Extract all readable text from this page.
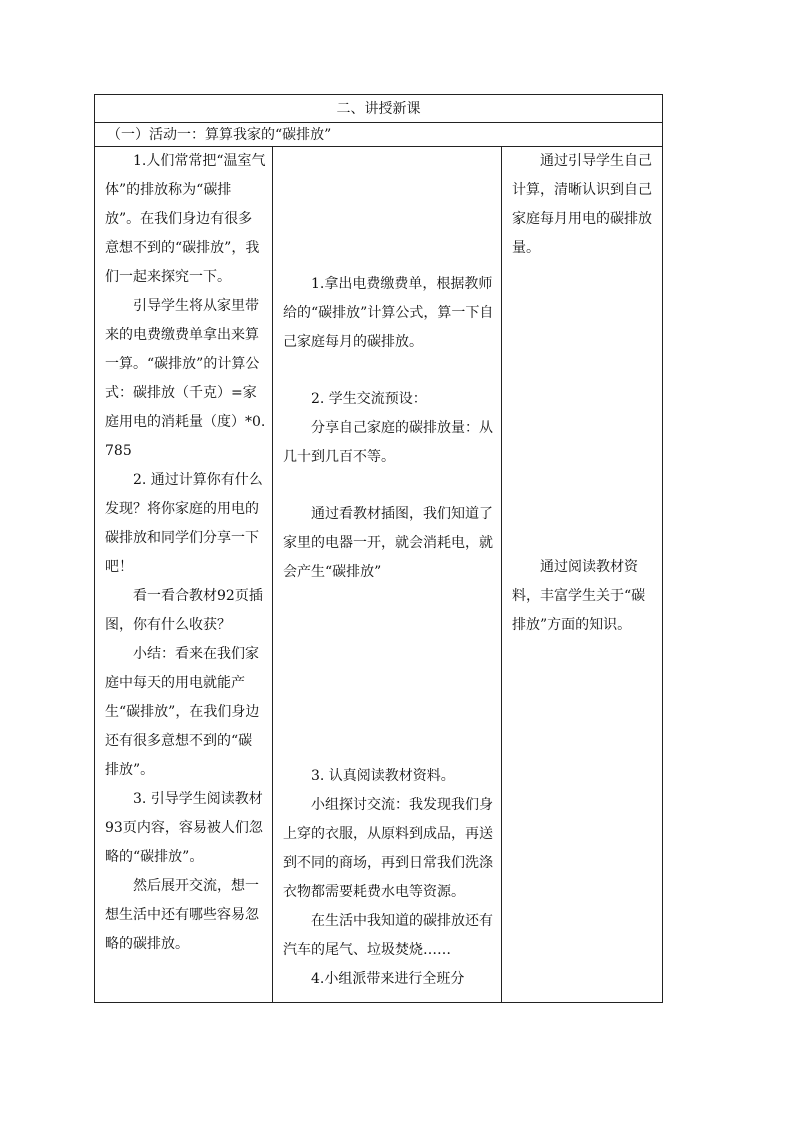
二、讲授新课
（一）活动一：算算我家的“碳排放”

1.人们常常把“温室气体”的排放称为“碳排放”。在我们身边有很多意想不到的“碳排放”，我们一起来探究一下。

引导学生将从家里带来的电费缴费单拿出来算一算。“碳排放”的计算公式：碳排放（千克）=家庭用电的消耗量（度）*0.785

2. 通过计算你有什么发现？将你家庭的用电的碳排放和同学们分享一下吧！

看一看合教材92页插图，你有什么收获？

小结：看来在我们家庭中每天的用电就能产生“碳排放”，在我们身边还有很多意想不到的“碳排放”。

3. 引导学生阅读教材93页内容，容易被人们忽略的“碳排放”。

然后展开交流，想一想生活中还有哪些容易忽略的碳排放。

1.拿出电费缴费单，根据教师给的“碳排放”计算公式，算一下自己家庭每月的碳排放。

2. 学生交流预设：

分享自己家庭的碳排放量：从几十到几百不等。

通过看教材插图，我们知道了家里的电器一开，就会消耗电，就会产生“碳排放”

3. 认真阅读教材资料。

小组探讨交流：我发现我们身上穿的衣服，从原料到成品，再送到不同的商场，再到日常我们洗涤衣物都需要耗费水电等资源。

在生活中我知道的碳排放还有汽车的尾气、垃圾焚烧……

4.小组派带来进行全班分

通过引导学生自己计算，清晰认识到自己家庭每月用电的碳排放量。

通过阅读教材资料，丰富学生关于“碳排放”方面的知识。
